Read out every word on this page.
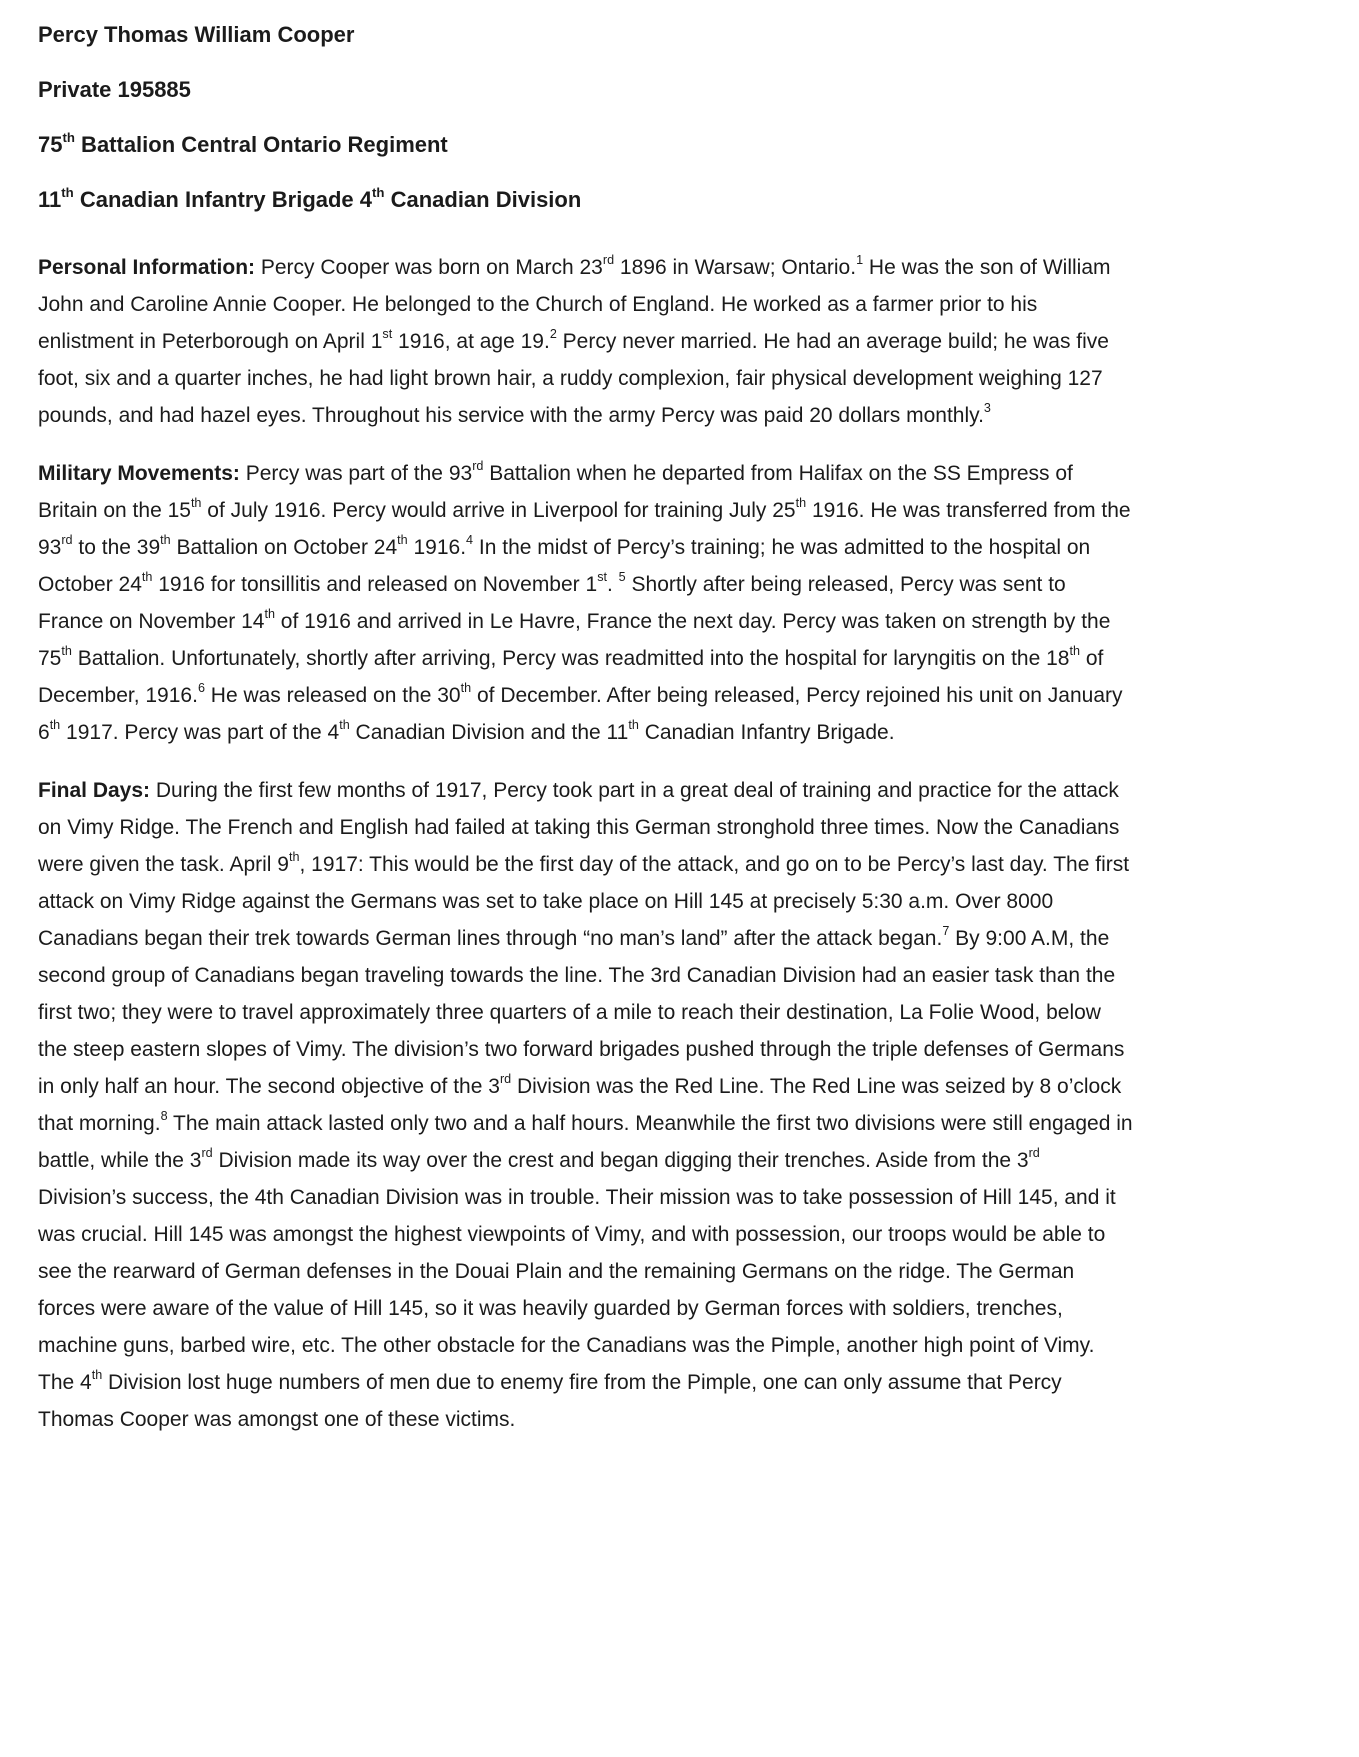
Percy Thomas William Cooper

Private 195885

75th Battalion Central Ontario Regiment

11th Canadian Infantry Brigade 4th Canadian Division

Personal Information: Percy Cooper was born on March 23rd 1896 in Warsaw; Ontario.$^1$ He was the son of William John and Caroline Annie Cooper. He belonged to the Church of England. He worked as a farmer prior to his enlistment in Peterborough on April 1st 1916, at age 19.$^2$ Percy never married. He had an average build; he was five foot, six and a quarter inches, he had light brown hair, a ruddy complexion, fair physical development weighing 127 pounds, and had hazel eyes. Throughout his service with the army Percy was paid 20 dollars monthly.$^3$

Military Movements: Percy was part of the 93rd Battalion when he departed from Halifax on the SS Empress of Britain on the 15th of July 1916. Percy would arrive in Liverpool for training July 25th 1916. He was transferred from the 93rd to the 39th Battalion on October 24th 1916.$^4$ In the midst of Percy’s training; he was admitted to the hospital on October 24th 1916 for tonsillitis and released on November 1st. $^5$ Shortly after being released, Percy was sent to France on November 14th of 1916 and arrived in Le Havre, France the next day. Percy was taken on strength by the 75th Battalion. Unfortunately, shortly after arriving, Percy was readmitted into the hospital for laryngitis on the 18th of December, 1916.$^6$ He was released on the 30th of December. After being released, Percy rejoined his unit on January 6th 1917. Percy was part of the 4th Canadian Division and the 11th Canadian Infantry Brigade.

Final Days: During the first few months of 1917, Percy took part in a great deal of training and practice for the attack on Vimy Ridge. The French and English had failed at taking this German stronghold three times. Now the Canadians were given the task. April 9th, 1917: This would be the first day of the attack, and go on to be Percy’s last day. The first attack on Vimy Ridge against the Germans was set to take place on Hill 145 at precisely 5:30 a.m. Over 8000 Canadians began their trek towards German lines through “no man’s land” after the attack began.$^7$ By 9:00 A.M, the second group of Canadians began traveling towards the line. The 3rd Canadian Division had an easier task than the first two; they were to travel approximately three quarters of a mile to reach their destination, La Folie Wood, below the steep eastern slopes of Vimy. The division’s two forward brigades pushed through the triple defenses of Germans in only half an hour. The second objective of the 3rd Division was the Red Line. The Red Line was seized by 8 o’clock that morning.$^8$ The main attack lasted only two and a half hours. Meanwhile the first two divisions were still engaged in battle, while the 3rd Division made its way over the crest and began digging their trenches. Aside from the 3rd Division’s success, the 4th Canadian Division was in trouble. Their mission was to take possession of Hill 145, and it was crucial. Hill 145 was amongst the highest viewpoints of Vimy, and with possession, our troops would be able to see the rearward of German defenses in the Douai Plain and the remaining Germans on the ridge. The German forces were aware of the value of Hill 145, so it was heavily guarded by German forces with soldiers, trenches, machine guns, barbed wire, etc. The other obstacle for the Canadians was the Pimple, another high point of Vimy. The 4th Division lost huge numbers of men due to enemy fire from the Pimple, one can only assume that Percy Thomas Cooper was amongst one of these victims.
